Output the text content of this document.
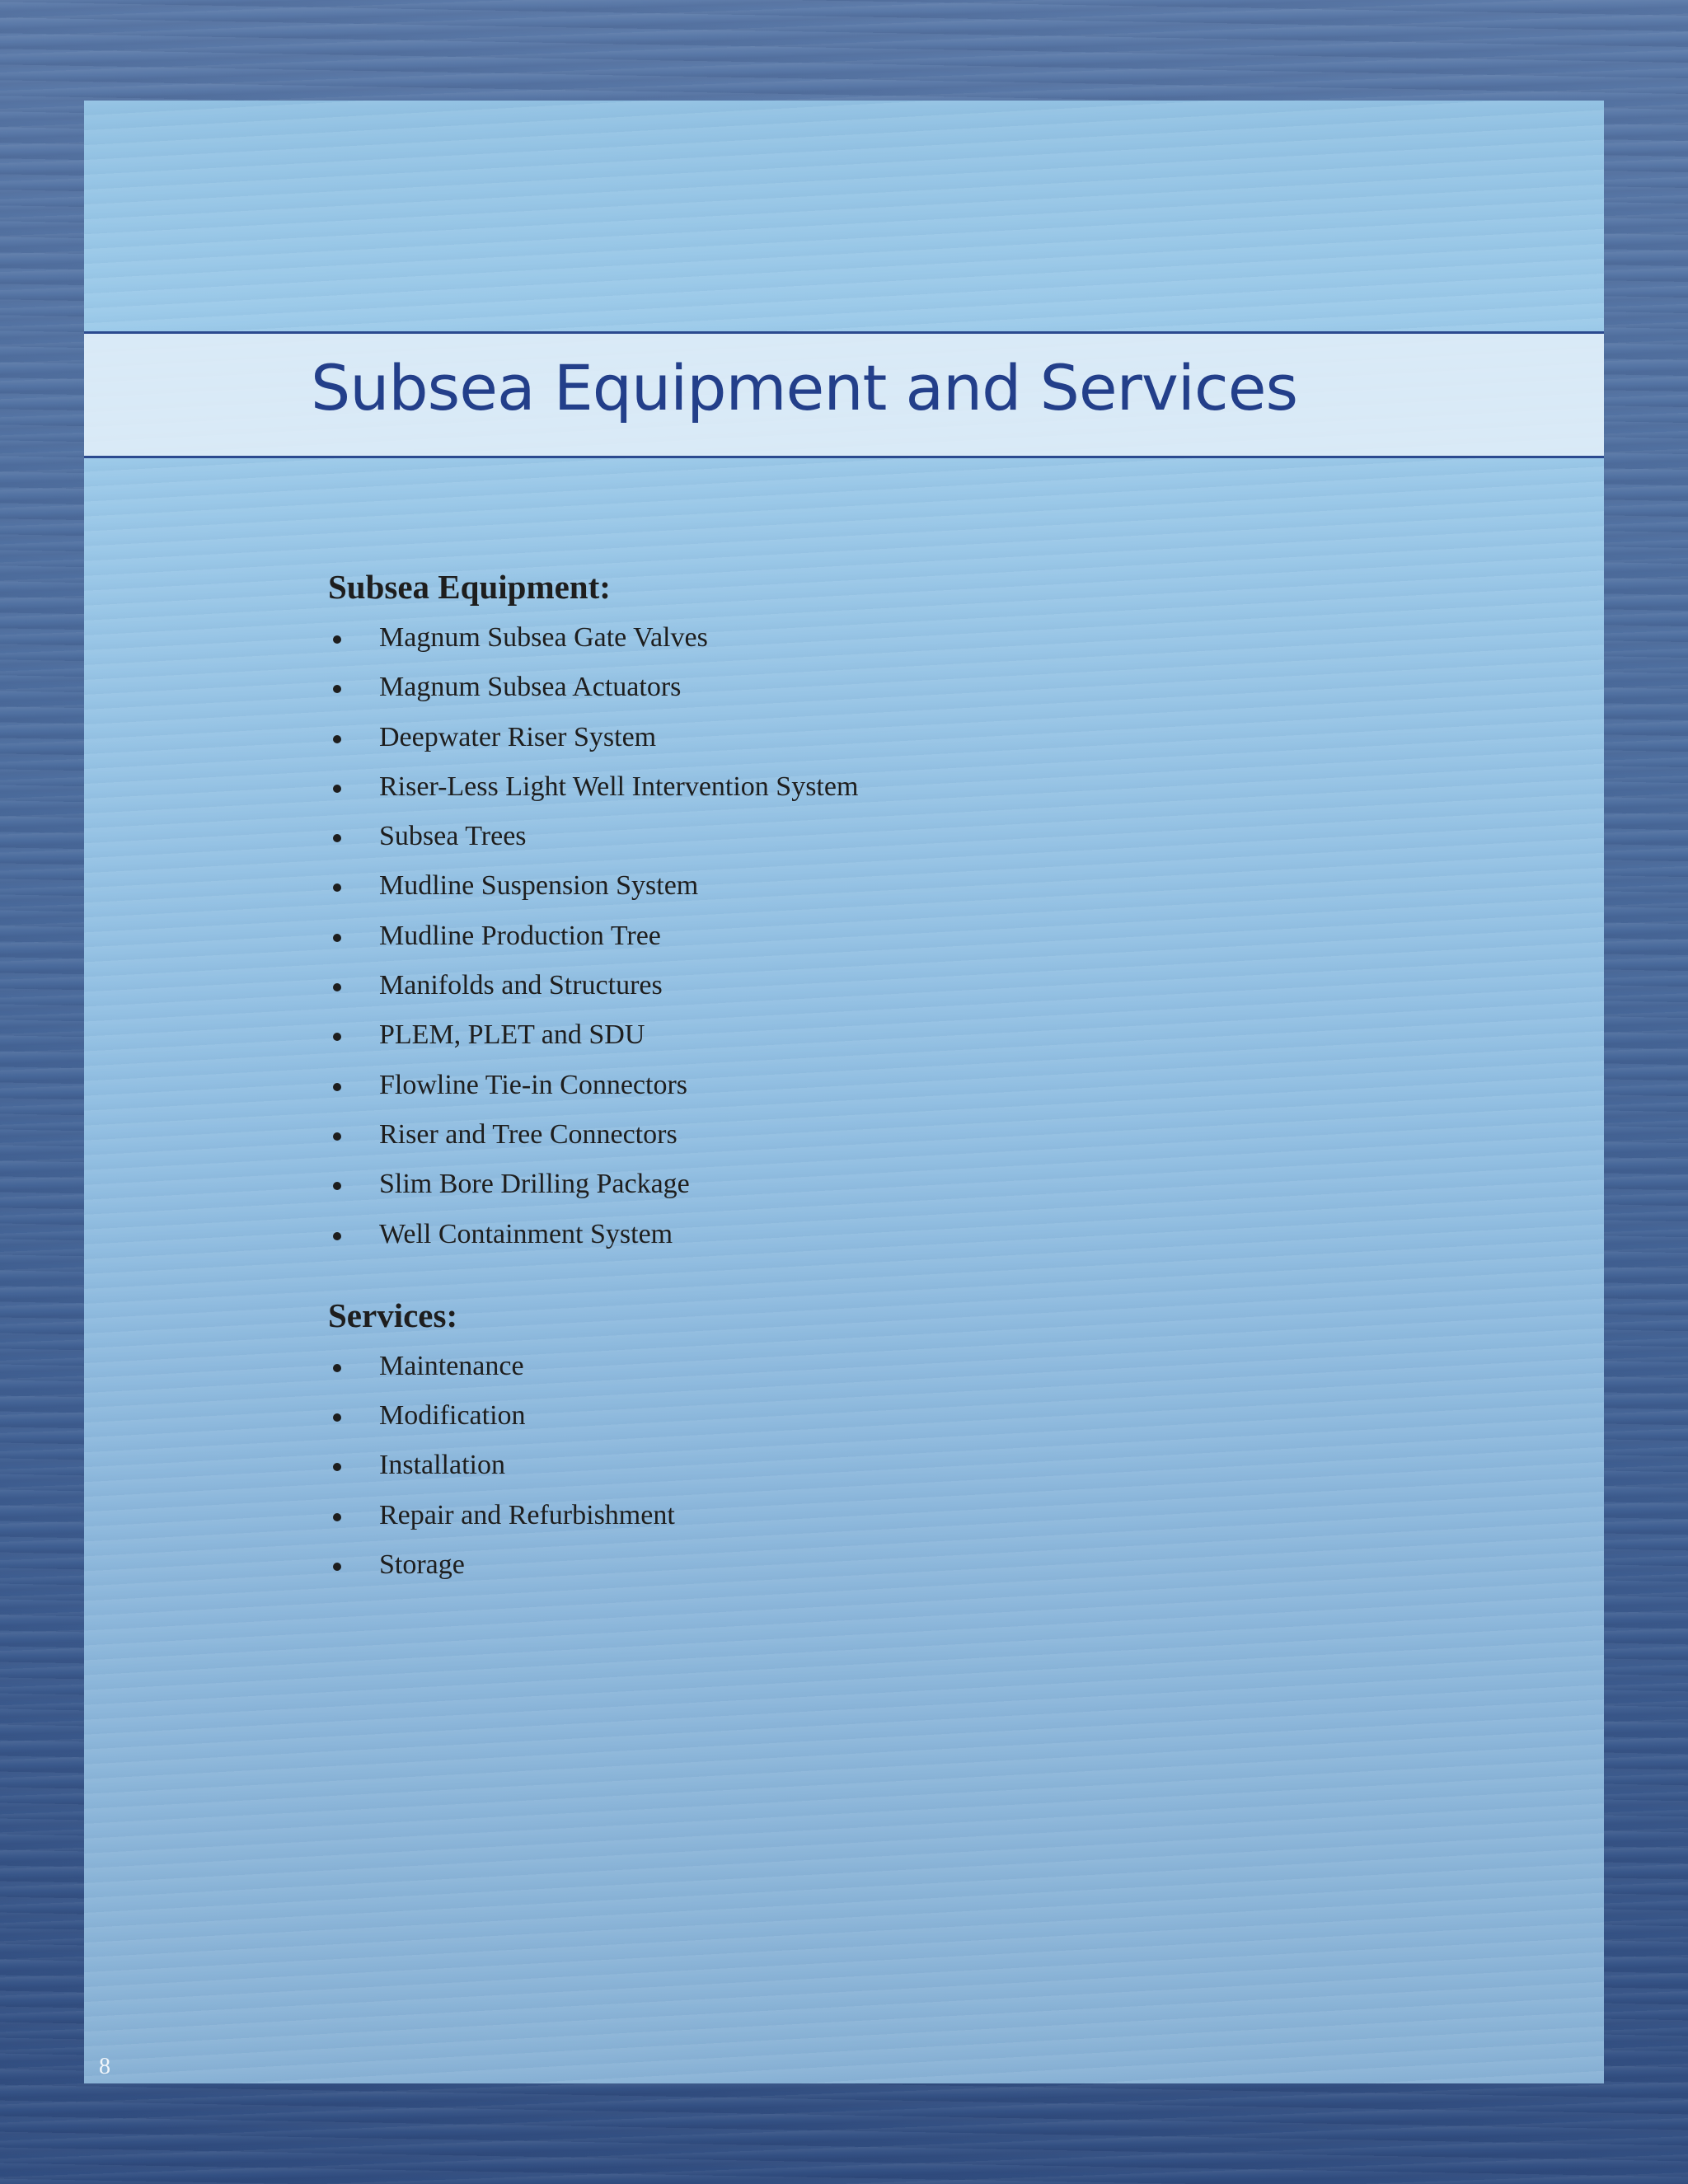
Subsea Equipment and Services
Subsea Equipment:
Magnum Subsea Gate Valves
Magnum Subsea Actuators
Deepwater Riser System
Riser-Less Light Well Intervention System
Subsea Trees
Mudline Suspension System
Mudline Production Tree
Manifolds and Structures
PLEM, PLET and SDU
Flowline Tie-in Connectors
Riser and Tree Connectors
Slim Bore Drilling Package
Well Containment System
Services:
Maintenance
Modification
Installation
Repair and Refurbishment
Storage
8
